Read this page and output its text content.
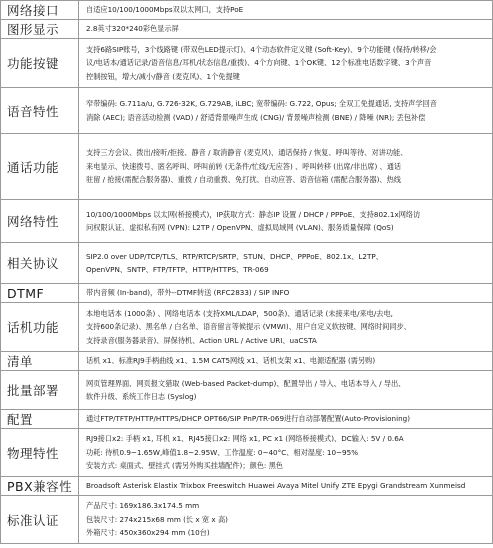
网络接口	自适应10/100/1000Mbps双以太网口，支持PoE

图形显示	2.8英寸320*240彩色显示屏

功能按键	支持6路SIP账号，3个线路键 (带双色LED提示灯)、4个动态软件定义键 (Soft-Key)、9个功能键 (保持/转移/会
议/电话本/通话记录/语音信息/耳机/状态信息/重拨)、4个方向键、1个OK键、12个标准电话数字键、3个声音
控制按钮，增大/减小/静音 (麦克风)、1个免提键

语音特性	窄带编码: G.711a/u, G.726-32K, G.729AB, iLBC; 宽带编码: G.722, Opus; 全双工免提通话, 支持声学回音
消除 (AEC); 语音活动检测 (VAD) / 舒适背景噪声生成 (CNG)/ 背景噪声检测 (BNE) / 降噪 (NR); 丢包补偿

通话功能	支持三方会议、拨出/接听/拒接、静音 / 取消静音 (麦克风)、通话保持 / 恢复、呼叫等待、对讲功能、
来电显示、快速拨号、匿名呼叫、呼叫前转 (无条件/忙线/无应答) 、呼叫转移 (出席/非出席) 、通话
驻留 / 抢接(需配合服务器)、重拨 / 自动重拨、免打扰、自动应答、语音信箱 (需配合服务器)、热线

网络特性	10/100/1000Mbps 以太网(桥接模式)，IP获取方式：静态IP 设置 / DHCP / PPPoE、支持802.1x网络访
问权限认证、虚拟私有网 (VPN): L2TP / OpenVPN、虚拟局域网 (VLAN)、服务质量保障 (QoS)

相关协议	SIP2.0 over UDP/TCP/TLS、RTP/RTCP/SRTP、STUN、DHCP、PPPoE、802.1x、L2TP、
OpenVPN、SNTP、FTP/TFTP、HTTP/HTTPS、TR-069

DTMF	带内音频 (In-band)，带外--DTMF转送 (RFC2833) / SIP INFO

话机功能	本地电话本 (1000条) 、网络电话本 (支持XML/LDAP，500条)、通话记录 (未接来电/来电/去电,
支持600条记录)、黑名单 / 白名单、语音留言等候提示 (VMWI)、用户自定义软按键、网络时间同步、
支持录音(服务器录音)、屏保待机、Action URL / Active URI、uaCSTA

清单	话机 x1、标准RJ9手柄曲线 x1、1.5M CAT5网线 x1、话机支架 x1、电源适配器 (需另购)

批量部署	网页管理界面、网页报文猎取 (Web-based Packet-dump)、配置导出 / 导入、电话本导入 / 导出、
软件升级、系统工作日志 (Syslog)

配置	通过FTP/TFTP/HTTP/HTTPS/DHCP OPT66/SIP PnP/TR-069进行自动部署配置(Auto-Provisioning)

物理特性	RJ9接口x2: 手柄 x1, 耳机 x1、RJ45接口x2: 网络 x1, PC x1 (网络桥接模式)、DC输入: 5V / 0.6A
功耗: 待机0.9~1.65W,峰值1.8~2.95W、工作温度: 0~40°C、相对湿度: 10~95%
安装方式: 桌面式、壁挂式 (需另外购买挂墙配件)；颜色: 黑色

PBX兼容性	Broadsoft Asterisk Elastix Trixbox Freeswitch Huawei Avaya Mitel Unify ZTE Epygi Grandstream Xunmeisd

标准认证	产品尺寸: 169x186.3x174.5 mm
包装尺寸: 274x215x68 mm (长 x 宽 x 高)
外箱尺寸: 450x360x294 mm (10台)
